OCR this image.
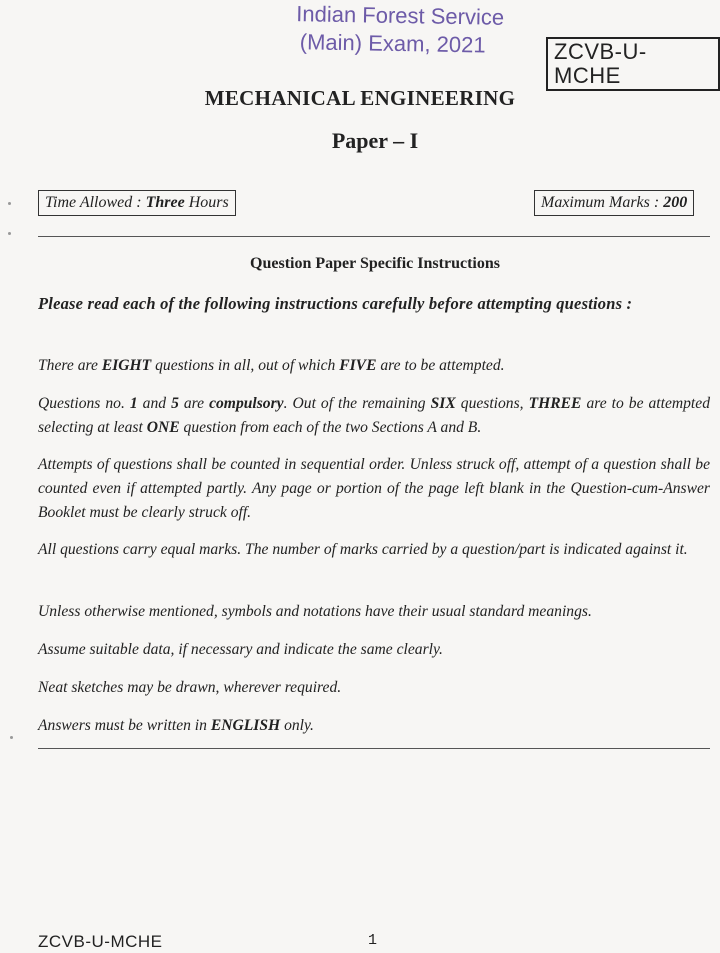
Indian Forest Service
(Main) Exam, 2021	ZCVB-U-MCHE
MECHANICAL ENGINEERING
Paper – I
Time Allowed : Three Hours	Maximum Marks : 200
Question Paper Specific Instructions
Please read each of the following instructions carefully before attempting questions :
There are EIGHT questions in all, out of which FIVE are to be attempted.
Questions no. 1 and 5 are compulsory. Out of the remaining SIX questions, THREE are to be attempted selecting at least ONE question from each of the two Sections A and B.
Attempts of questions shall be counted in sequential order. Unless struck off, attempt of a question shall be counted even if attempted partly. Any page or portion of the page left blank in the Question-cum-Answer Booklet must be clearly struck off.
All questions carry equal marks. The number of marks carried by a question/part is indicated against it.
Unless otherwise mentioned, symbols and notations have their usual standard meanings.
Assume suitable data, if necessary and indicate the same clearly.
Neat sketches may be drawn, wherever required.
Answers must be written in ENGLISH only.
ZCVB-U-MCHE	1
